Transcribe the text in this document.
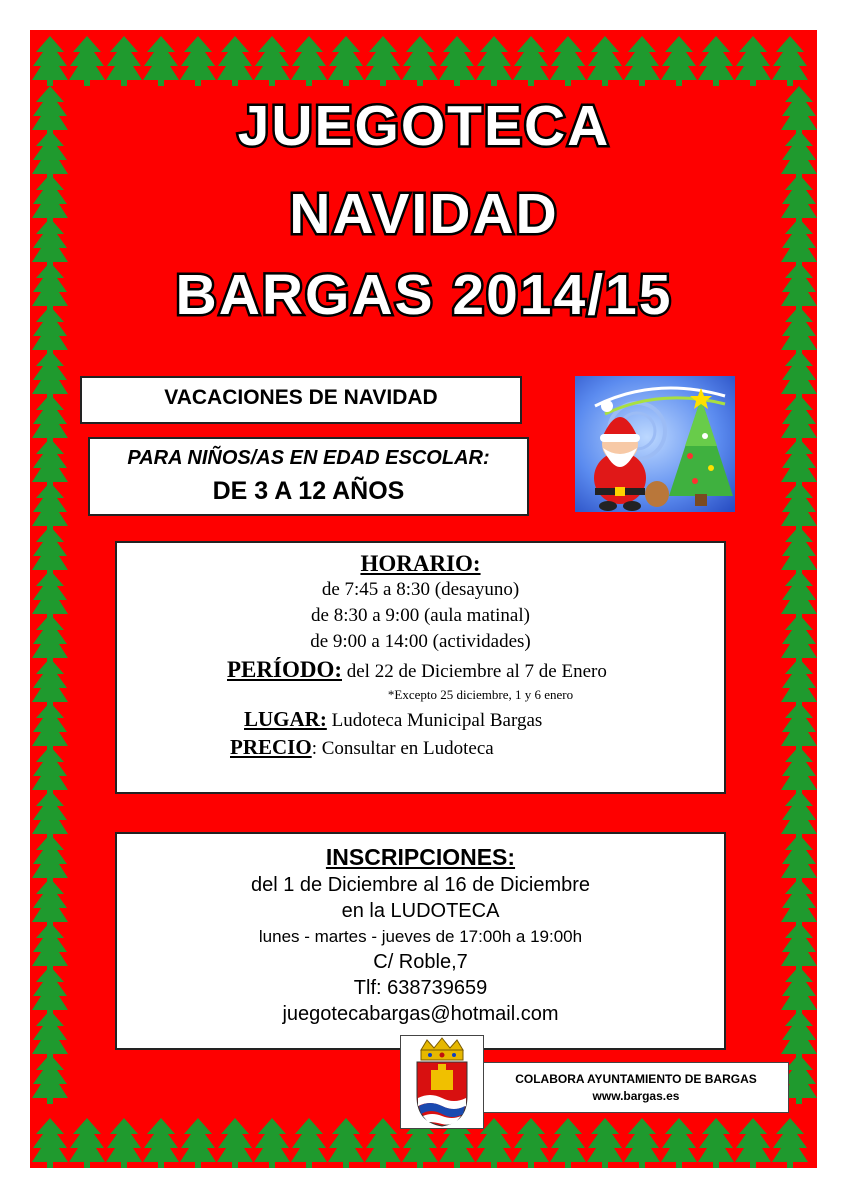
JUEGOTECA
NAVIDAD
BARGAS 2014/15
VACACIONES DE NAVIDAD
PARA NIÑOS/AS EN EDAD ESCOLAR:
DE 3 A 12 AÑOS
HORARIO:
de 7:45 a 8:30 (desayuno)
de 8:30 a 9:00 (aula matinal)
de 9:00 a 14:00 (actividades)
PERÍODO: del 22 de Diciembre al 7 de Enero
*Excepto 25 diciembre, 1 y 6 enero
LUGAR: Ludoteca Municipal Bargas
PRECIO: Consultar en Ludoteca
INSCRIPCIONES:
del 1 de Diciembre al 16 de Diciembre
en la LUDOTECA
lunes - martes - jueves de 17:00h a 19:00h
C/ Roble,7
Tlf: 638739659
juegotecabargas@hotmail.com
COLABORA AYUNTAMIENTO DE BARGAS
www.bargas.es
